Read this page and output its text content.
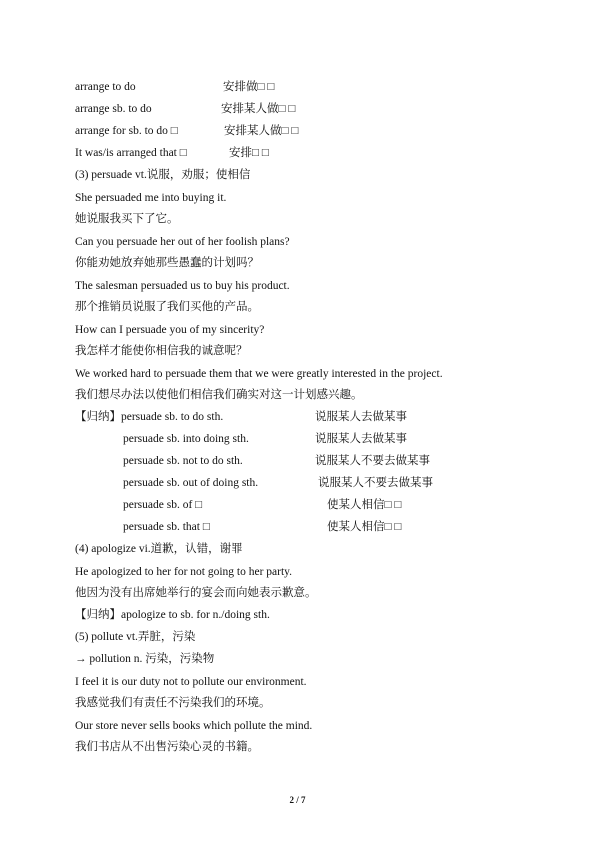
arrange to do	安排做□ □
arrange sb. to do	安排某人做□ □
arrange for sb. to do □	安排某人做□ □
It was/is arranged that □	安排□ □
(3) persuade vt.说服，劝服；使相信
She persuaded me into buying it.
她说服我买下了它。
Can you persuade her out of her foolish plans?
你能劝她放弃她那些愚蠢的计划吗？
The salesman persuaded us to buy his product.
那个推销员说服了我们买他的产品。
How can I persuade you of my sincerity?
我怎样才能使你相信我的诚意呢？
We worked hard to persuade them that we were greatly interested in the project.
我们想尽办法以使他们相信我们确实对这一计划感兴趣。
【归纳】persuade sb. to do sth.	说服某人去做某事
persuade sb. into doing sth.	说服某人去做某事
persuade sb. not to do sth.	说服某人不要去做某事
persuade sb. out of doing sth.	说服某人不要去做某事
persuade sb. of □	使某人相信□ □
persuade sb. that □	使某人相信□ □
(4) apologize vi.道歉，认错，谢罪
He apologized to her for not going to her party.
他因为没有出席她举行的宴会而向她表示歉意。
【归纳】apologize to sb. for n./doing sth.
(5) pollute vt.弄脏，污染
→ pollution n. 污染，污染物
I feel it is our duty not to pollute our environment.
我感觉我们有责任不污染我们的环境。
Our store never sells books which pollute the mind.
我们书店从不出售污染心灵的书籍。
2 / 7
